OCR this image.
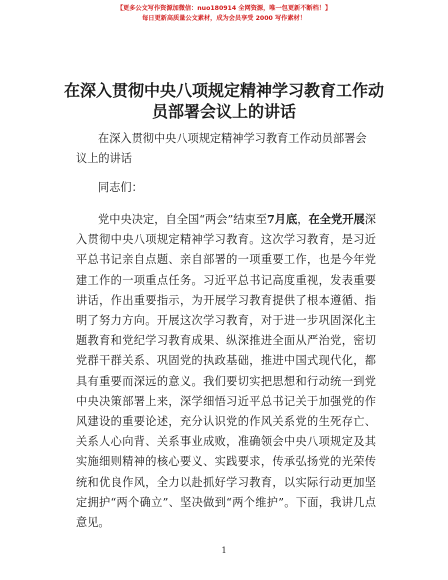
【更多公文写作资源加微信：nuo180914 全网资源，唯一包更新不断档！】
每日更新高质量公文素材，成为会员享受 2000 写作素材！
在深入贯彻中央八项规定精神学习教育工作动员部署会议上的讲话
在深入贯彻中央八项规定精神学习教育工作动员部署会议上的讲话
同志们：
党中央决定，自全国“两会”结束至7月底，在全党开展深入贯彻中央八项规定精神学习教育。这次学习教育，是习近平总书记亲自点题、亲自部署的一项重要工作，也是今年党建工作的一项重点任务。习近平总书记高度重视，发表重要讲话，作出重要指示，为开展学习教育提供了根本遵循、指明了努力方向。开展这次学习教育，对于进一步巩固深化主题教育和党纪学习教育成果、纵深推进全面从严治党，密切党群干群关系、巩固党的执政基础，推进中国式现代化，都具有重要而深远的意义。我们要切实把思想和行动统一到党中央决策部署上来，深学细悟习近平总书记关于加强党的作风建设的重要论述，充分认识党的作风关系党的生死存亡、关系人心向背、关系事业成败，准确领会中央八项规定及其实施细则精神的核心要义、实践要求，传承弘扬党的光荣传统和优良作风，全力以赴抓好学习教育，以实际行动更加坚定拥护“两个确立”、坚决做到“两个维护”。下面，我讲几点意见。
1
